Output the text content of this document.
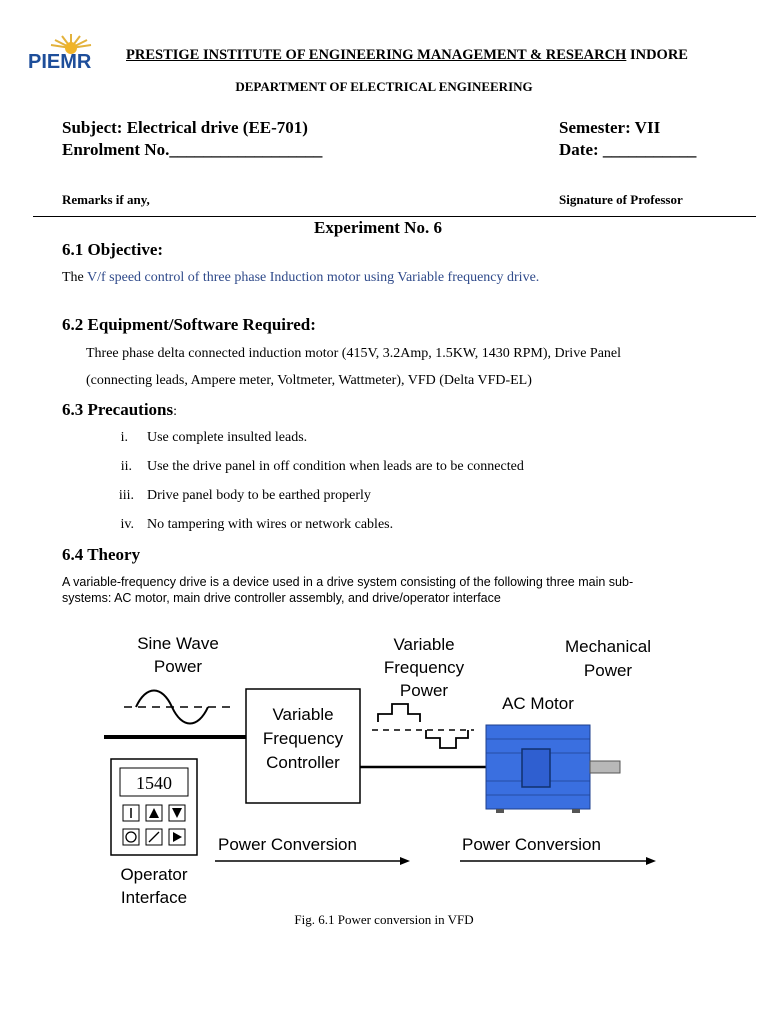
PIEMR PRESTIGE INSTITUTE OF ENGINEERING MANAGEMENT & RESEARCH INDORE
DEPARTMENT OF ELECTRICAL ENGINEERING
Subject: Electrical drive (EE-701)
Enrolment No.__________________
Semester: VII
Date: ___________
Remarks if any,	Signature of Professor
Experiment No. 6
6.1 Objective:
The V/f speed control of three phase Induction motor using Variable frequency drive.
6.2 Equipment/Software Required:
Three phase delta connected induction motor (415V, 3.2Amp, 1.5KW, 1430 RPM), Drive Panel
(connecting leads, Ampere meter, Voltmeter, Wattmeter), VFD (Delta VFD-EL)
6.3 Precautions:
i. Use complete insulted leads.
ii. Use the drive panel in off condition when leads are to be connected
iii. Drive panel body to be earthed properly
iv. No tampering with wires or network cables.
6.4 Theory
A variable-frequency drive is a device used in a drive system consisting of the following three main sub-systems: AC motor, main drive controller assembly, and drive/operator interface
Sine Wave
Power
Variable
Frequency
Controller
Variable
Frequency
Power
AC Motor
Mechanical
Power
1540
Operator
Interface
Power Conversion	Power Conversion
Fig. 6.1 Power conversion in VFD
